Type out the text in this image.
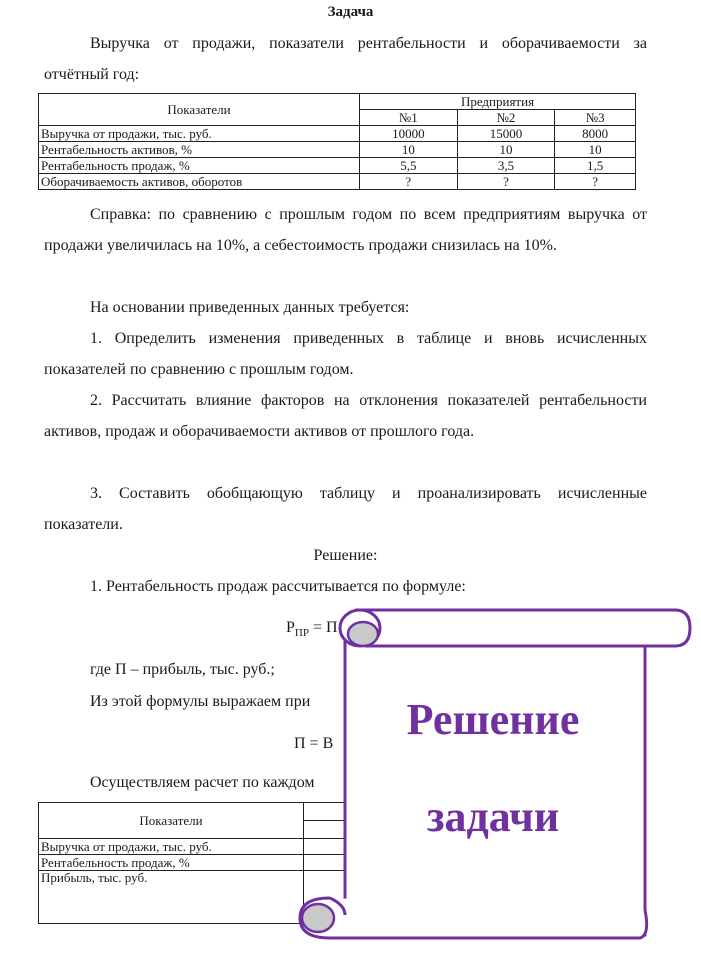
Задача
Выручка от продажи, показатели рентабельности и оборачиваемости за отчётный год:
Показатели	Предприятия		
	№1	№2	№3
Выручка от продажи, тыс. руб.	10000	15000	8000
Рентабельность активов, %	10	10	10
Рентабельность продаж, %	5,5	3,5	1,5
Оборачиваемость активов, оборотов	?	?	?
Справка: по сравнению с прошлым годом по всем предприятиям выручка от продажи увеличилась на 10%, а себестоимость продажи снизилась на 10%.
На основании приведенных данных требуется:
1. Определить изменения приведенных в таблице и вновь исчисленных показателей по сравнению с прошлым годом.
2. Рассчитать влияние факторов на отклонения показателей рентабельности активов, продаж и оборачиваемости активов от прошлого года.
3. Составить обобщающую таблицу и проанализировать исчисленные показатели.
Решение:
1. Рентабельность продаж рассчитывается по формуле:
$P_{ПР} = П$
где П – прибыль, тыс. руб.;
Из этой формулы выражаем при
П = В
Осуществляем расчет по каждом
Показатели	

Выручка от продажи, тыс. руб.	
Рентабельность продаж, %	
Прибыль, тыс. руб.	
Решение
задачи
